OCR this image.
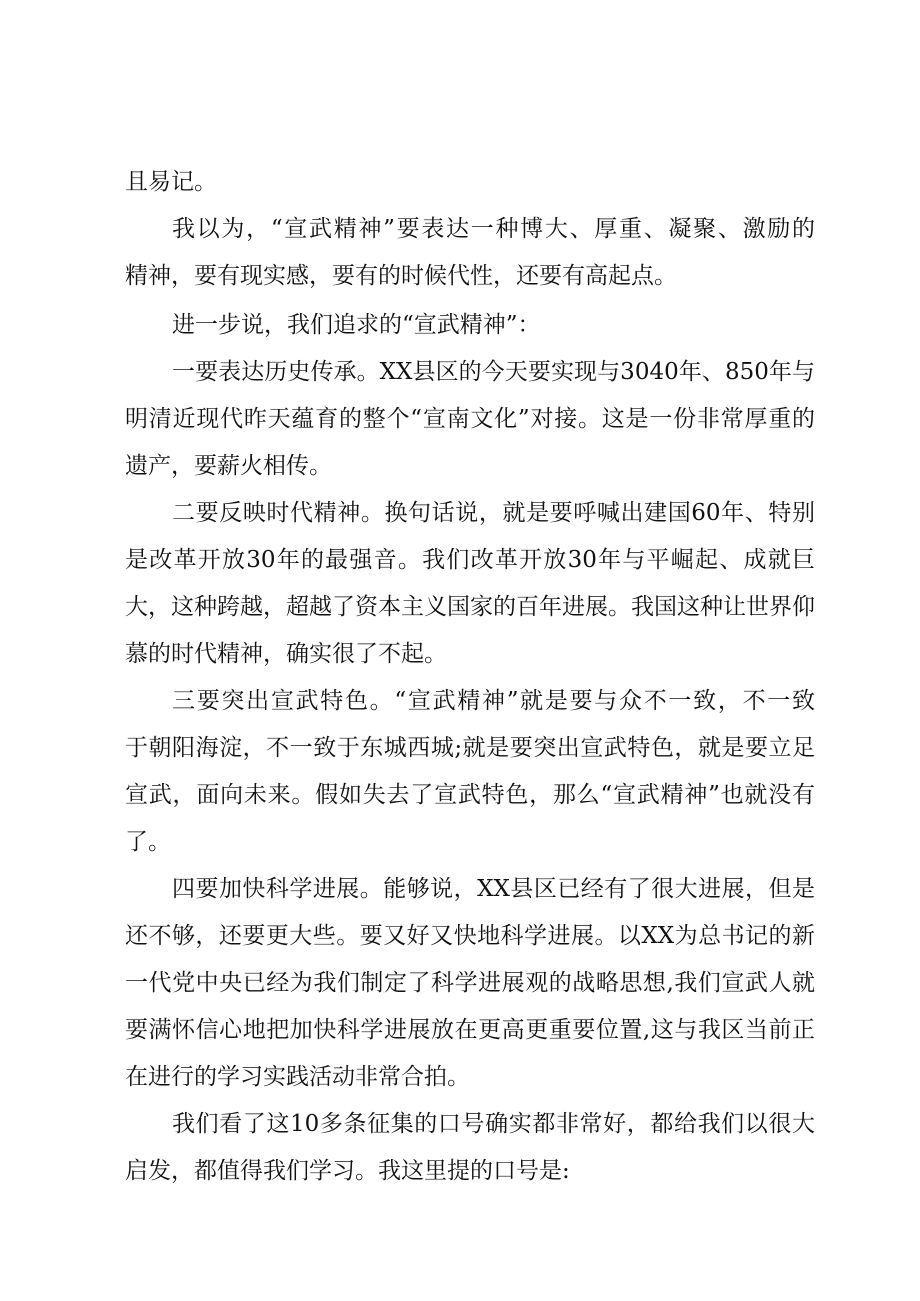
且易记。
我以为，“宣武精神”要表达一种博大、厚重、凝聚、激励的
精神，要有现实感，要有的时候代性，还要有高起点。
进一步说，我们追求的“宣武精神”：
一要表达历史传承。XX县区的今天要实现与3040年、850年与
明清近现代昨天蕴育的整个“宣南文化”对接。这是一份非常厚重的
遗产，要薪火相传。
二要反映时代精神。换句话说，就是要呼喊出建国60年、特别
是改革开放30年的最强音。我们改革开放30年与平崛起、成就巨
大，这种跨越，超越了资本主义国家的百年进展。我国这种让世界仰
慕的时代精神，确实很了不起。
三要突出宣武特色。“宣武精神”就是要与众不一致，不一致
于朝阳海淀，不一致于东城西城;就是要突出宣武特色，就是要立足
宣武，面向未来。假如失去了宣武特色，那么“宣武精神”也就没有
了。
四要加快科学进展。能够说，XX县区已经有了很大进展，但是
还不够，还要更大些。要又好又快地科学进展。以XX为总书记的新
一代党中央已经为我们制定了科学进展观的战略思想,我们宣武人就
要满怀信心地把加快科学进展放在更高更重要位置,这与我区当前正
在进行的学习实践活动非常合拍。
我们看了这10多条征集的口号确实都非常好，都给我们以很大
启发，都值得我们学习。我这里提的口号是:
